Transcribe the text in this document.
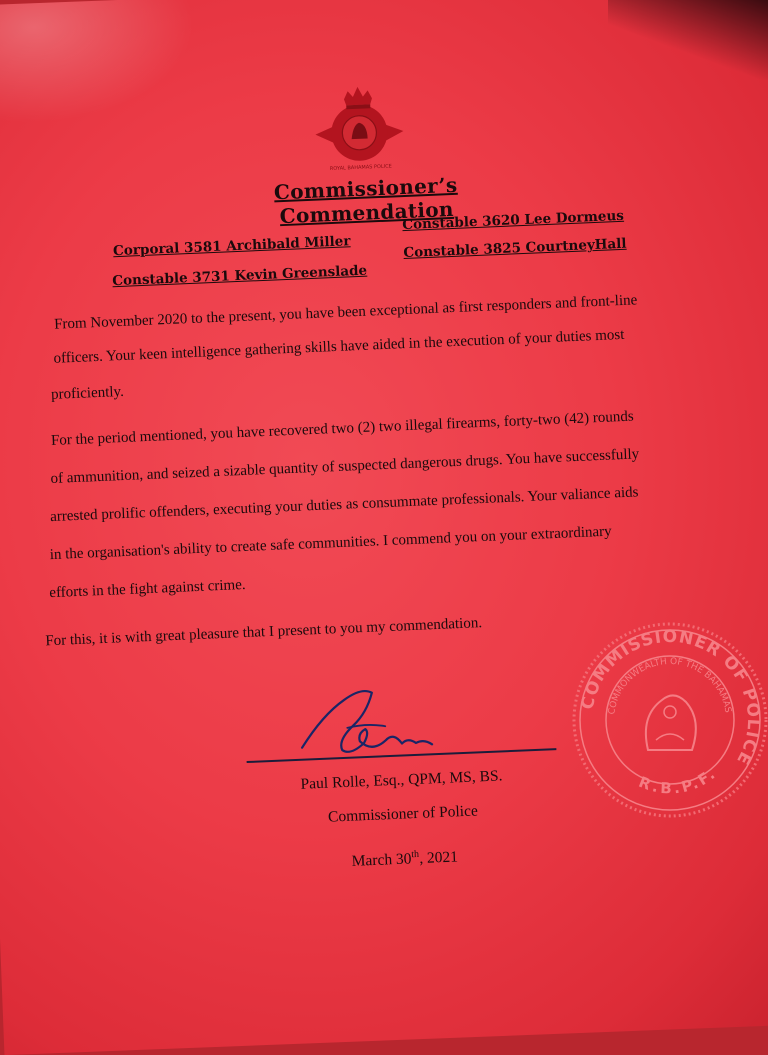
ROYAL BAHAMAS POLICE
Commissioner’s Commendation
Corporal 3581 Archibald Miller
Constable 3731 Kevin Greenslade
Constable 3620 Lee Dormeus
Constable 3825 CourtneyHall
From November 2020 to the present, you have been exceptional as first responders and front-line
officers. Your keen intelligence gathering skills have aided in the execution of your duties most
proficiently.
For the period mentioned, you have recovered two (2) two illegal firearms, forty-two (42) rounds
of ammunition, and seized a sizable quantity of suspected dangerous drugs. You have successfully
arrested prolific offenders, executing your duties as consummate professionals. Your valiance aids
in the organisation's ability to create safe communities. I commend you on your extraordinary
efforts in the fight against crime.
For this, it is with great pleasure that I present to you my commendation.
Paul Rolle, Esq., QPM, MS, BS.
Commissioner of Police
March 30th, 2021
COMMISSIONER OF POLICE
COMMONWEALTH OF THE BAHAMAS
R.B.P.F.
